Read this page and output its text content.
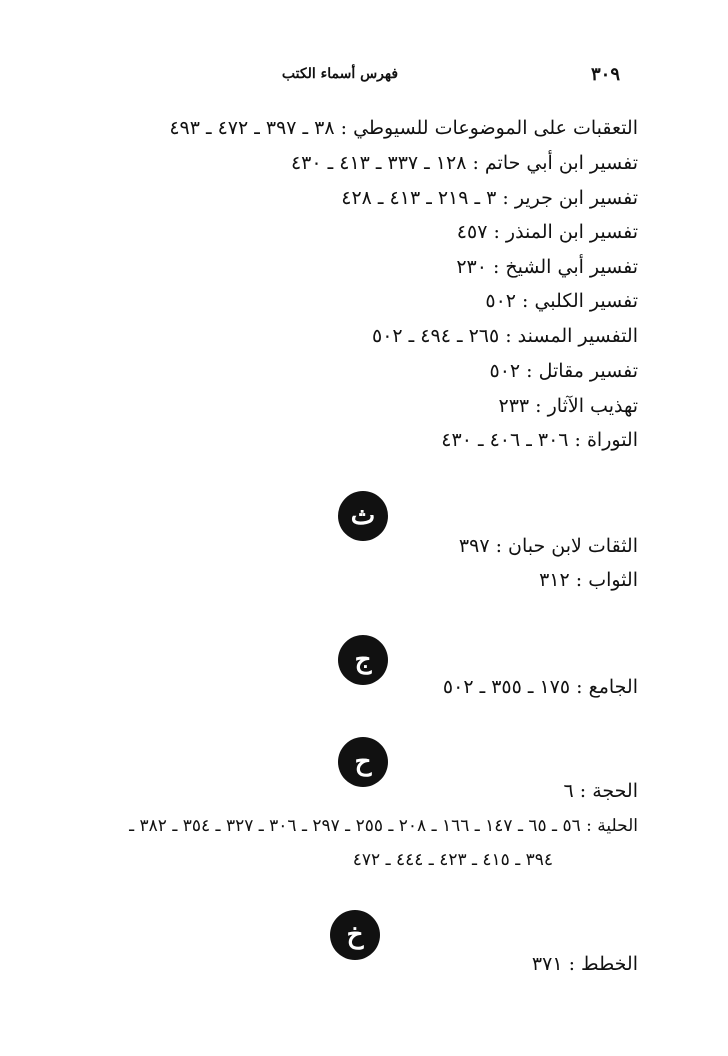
٣٠٩
فهرس أسماء الكتب
التعقبات على الموضوعات للسيوطي : ٣٨ ـ ٣٩٧ ـ ٤٧٢ ـ ٤٩٣
تفسير ابن أبي حاتم : ١٢٨ ـ ٣٣٧ ـ ٤١٣ ـ ٤٣٠
تفسير ابن جرير : ٣ ـ ٢١٩ ـ ٤١٣ ـ ٤٢٨
تفسير ابن المنذر : ٤٥٧
تفسير أبي الشيخ : ٢٣٠
تفسير الكلبي : ٥٠٢
التفسير المسند : ٢٦٥ ـ ٤٩٤ ـ ٥٠٢
تفسير مقاتل : ٥٠٢
تهذيب الآثار : ٢٣٣
التوراة : ٣٠٦ ـ ٤٠٦ ـ ٤٣٠
ث
الثقات لابن حبان : ٣٩٧
الثواب : ٣١٢
ج
الجامع : ١٧٥ ـ ٣٥٥ ـ ٥٠٢
ح
الحجة : ٦
الحلية : ٥٦ ـ ٦٥ ـ ١٤٧ ـ ١٦٦ ـ ٢٠٨ ـ ٢٥٥ ـ ٢٩٧ ـ ٣٠٦ ـ ٣٢٧ ـ ٣٥٤ ـ ٣٨٢ ـ
٣٩٤ ـ ٤١٥ ـ ٤٢٣ ـ ٤٤٤ ـ ٤٧٢
خ
الخطط : ٣٧١
